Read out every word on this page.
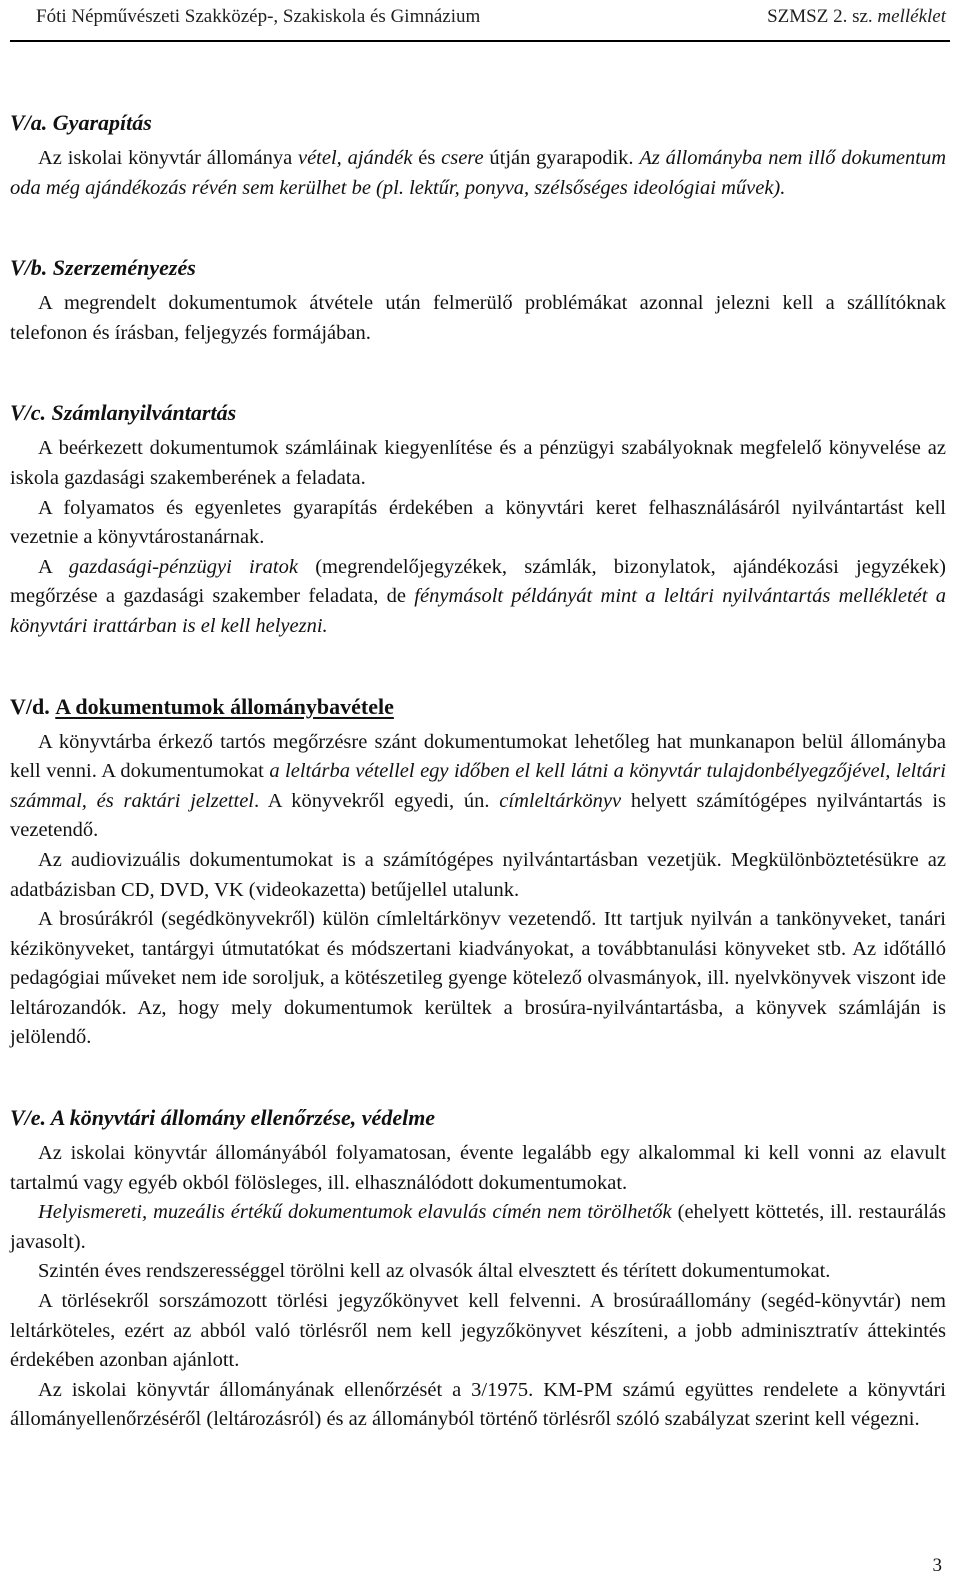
Fóti Népművészeti Szakközép-, Szakiskola és Gimnázium	SZMSZ 2. sz. melléklet
V/a. Gyarapítás

Az iskolai könyvtár állománya vétel, ajándék és csere útján gyarapodik. Az állományba nem illő dokumentum oda még ajándékozás révén sem kerülhet be (pl. lektűr, ponyva, szélsőséges ideológiai művek).

V/b. Szerzeményezés

A megrendelt dokumentumok átvétele után felmerülő problémákat azonnal jelezni kell a szállítóknak telefonon és írásban, feljegyzés formájában.

V/c. Számlanyilvántartás

A beérkezett dokumentumok számláinak kiegyenlítése és a pénzügyi szabályoknak megfelelő könyvelése az iskola gazdasági szakemberének a feladata.

A folyamatos és egyenletes gyarapítás érdekében a könyvtári keret felhasználásáról nyilvántartást kell vezetnie a könyvtárostanárnak.

A gazdasági-pénzügyi iratok (megrendelőjegyzékek, számlák, bizonylatok, ajándékozási jegyzékek) megőrzése a gazdasági szakember feladata, de fénymásolt példányát mint a leltári nyilvántartás mellékletét a könyvtári irattárban is el kell helyezni.

V/d. A dokumentumok állománybavétele

A könyvtárba érkező tartós megőrzésre szánt dokumentumokat lehetőleg hat munkanapon belül állományba kell venni. A dokumentumokat a leltárba vétellel egy időben el kell látni a könyvtár tulajdonbélyegzőjével, leltári számmal, és raktári jelzettel. A könyvekről egyedi, ún. címleltárkönyv helyett számítógépes nyilvántartás is vezetendő.

Az audiovizuális dokumentumokat is a számítógépes nyilvántartásban vezetjük. Megkülönböztetésükre az adatbázisban CD, DVD, VK (videokazetta) betűjellel utalunk.

A brosúrákról (segédkönyvekről) külön címleltárkönyv vezetendő. Itt tartjuk nyilván a tankönyveket, tanári kézikönyveket, tantárgyi útmutatókat és módszertani kiadványokat, a továbbtanulási könyveket stb. Az időtálló pedagógiai műveket nem ide soroljuk, a kötészetileg gyenge kötelező olvasmányok, ill. nyelvkönyvek viszont ide leltározandók. Az, hogy mely dokumentumok kerültek a brosúra-nyilvántartásba, a könyvek számláján is jelölendő.

V/e. A könyvtári állomány ellenőrzése, védelme

Az iskolai könyvtár állományából folyamatosan, évente legalább egy alkalommal ki kell vonni az elavult tartalmú vagy egyéb okból fölösleges, ill. elhasználódott dokumentumokat.

Helyismereti, muzeális értékű dokumentumok elavulás címén nem törölhetők (ehelyett köttetés, ill. restaurálás javasolt).

Szintén éves rendszerességgel törölni kell az olvasók által elvesztett és térített dokumentumokat.

A törlésekről sorszámozott törlési jegyzőkönyvet kell felvenni. A brosúraállomány (segéd-könyvtár) nem leltárköteles, ezért az abból való törlésről nem kell jegyzőkönyvet készíteni, a jobb adminisztratív áttekintés érdekében azonban ajánlott.

Az iskolai könyvtár állományának ellenőrzését a 3/1975. KM-PM számú együttes rendelete a könyvtári állományellenőrzéséről (leltározásról) és az állományból történő törlésről szóló szabályzat szerint kell végezni.

3
